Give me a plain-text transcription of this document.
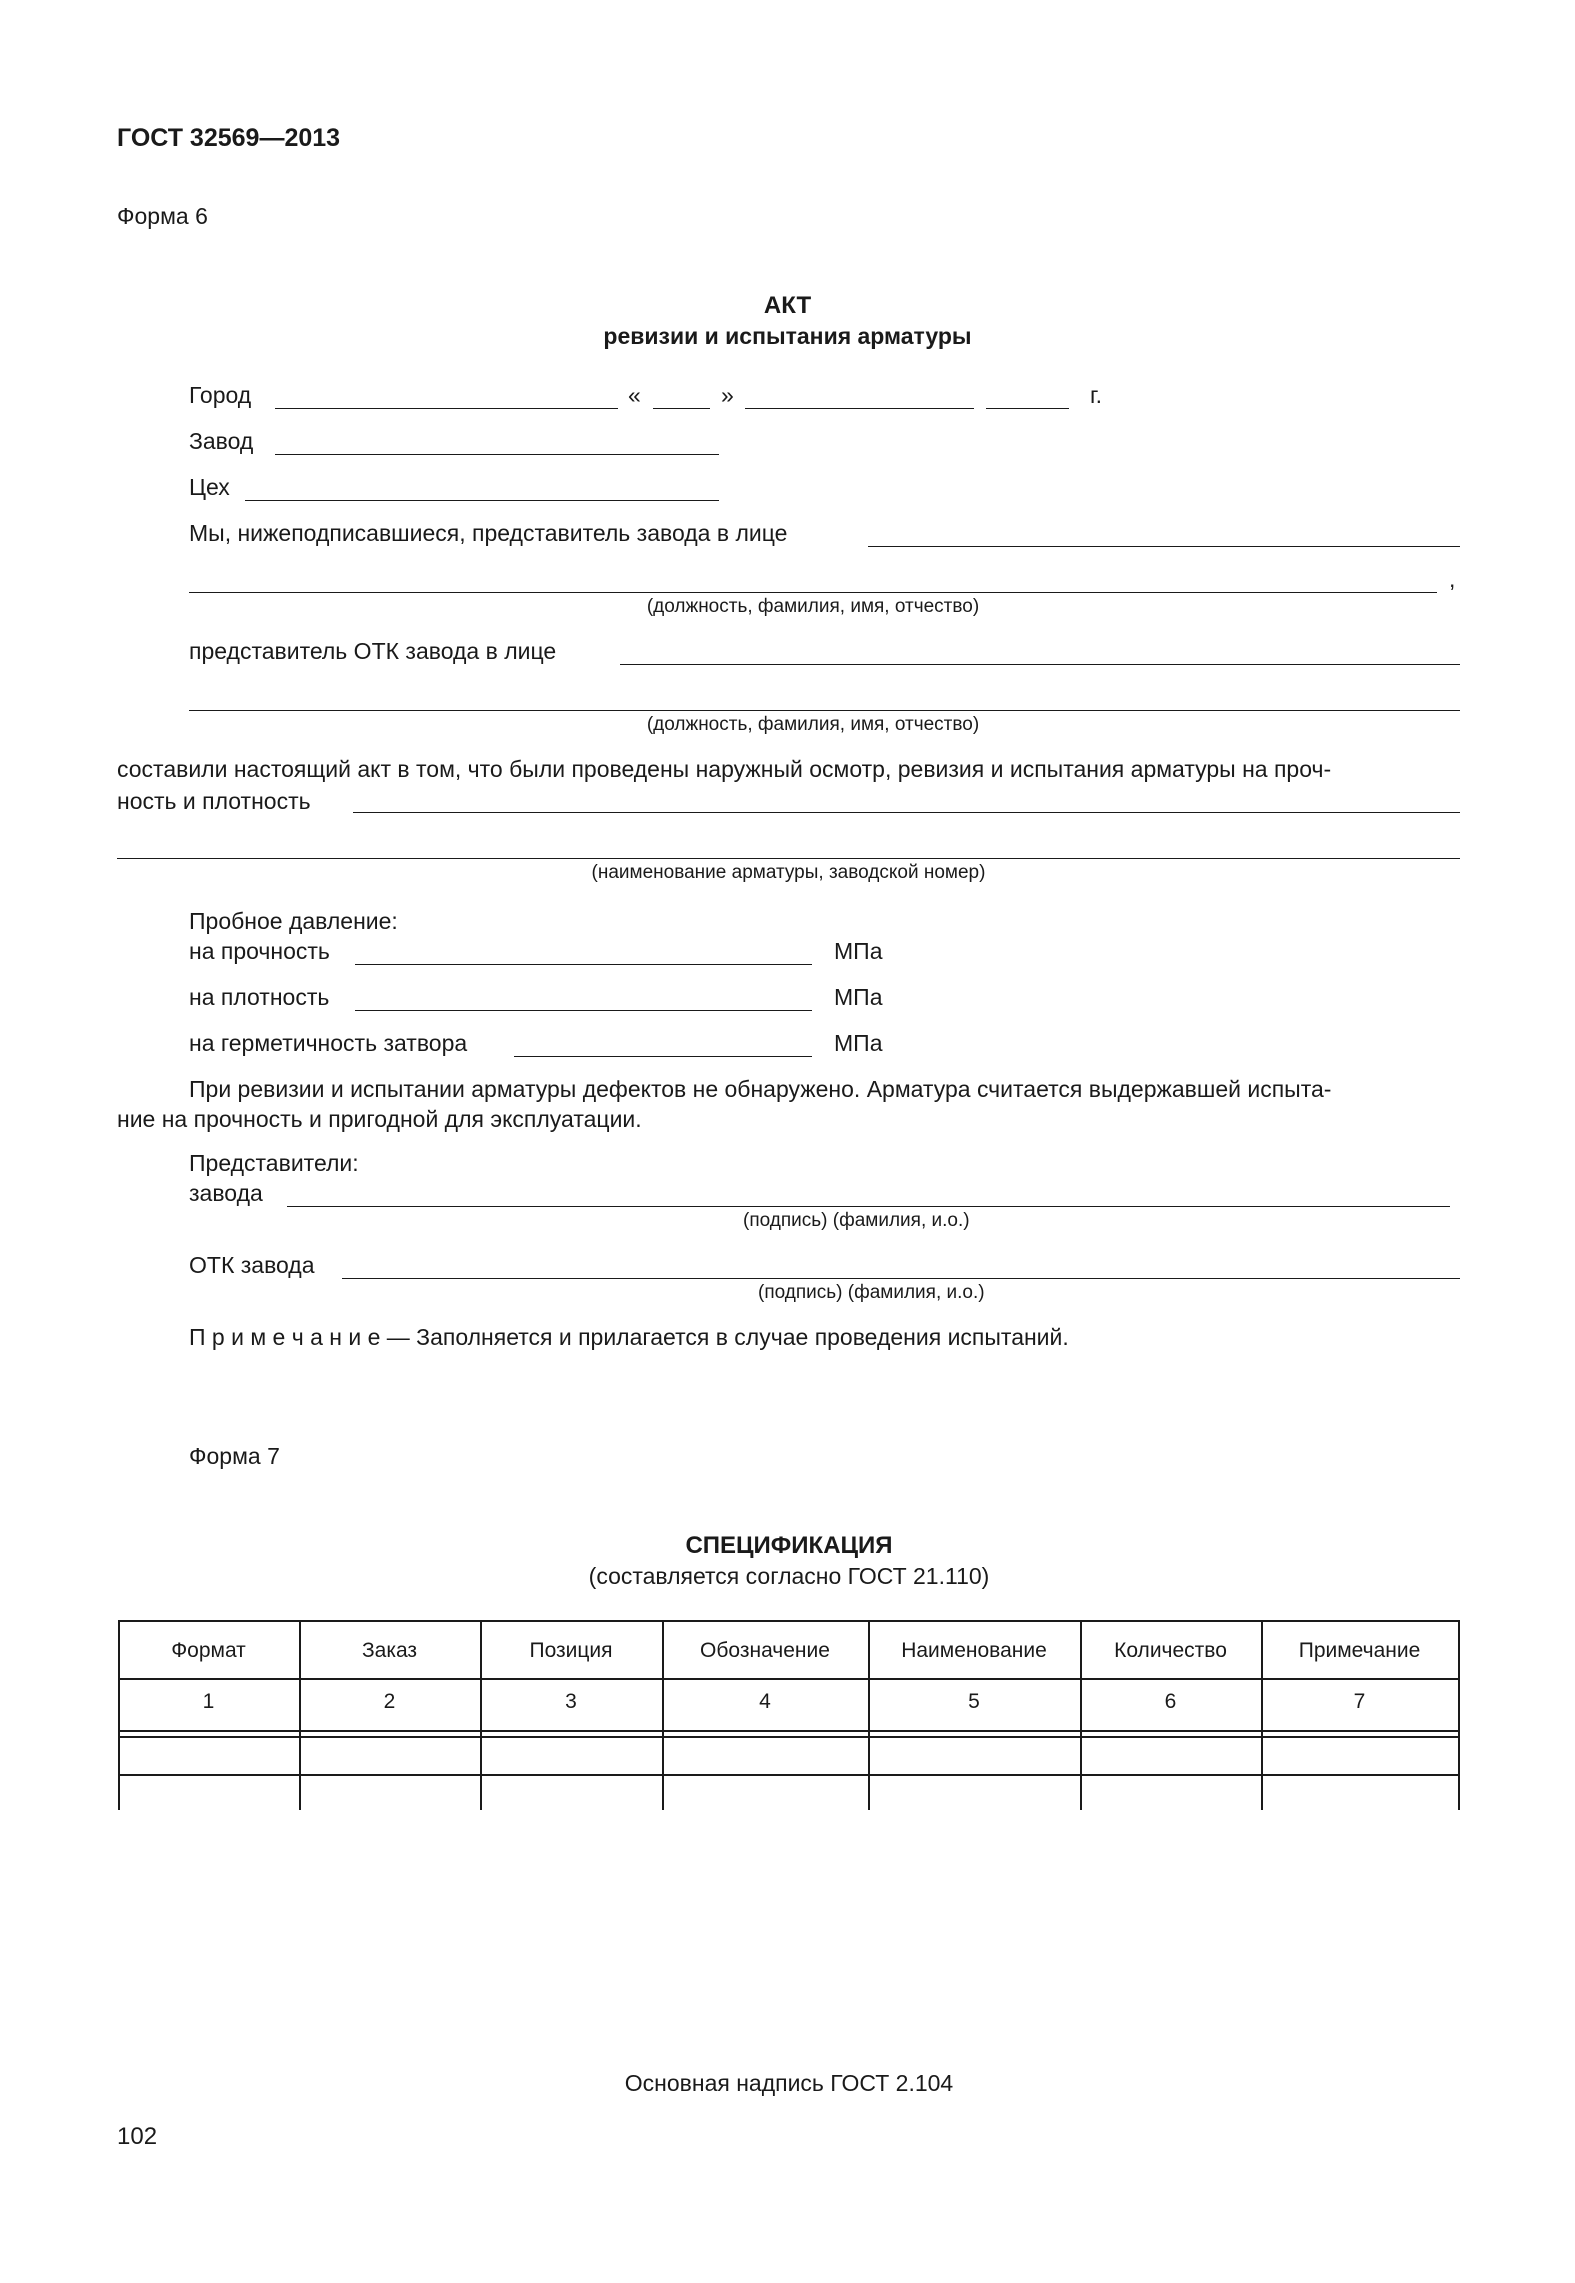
ГОСТ 32569—2013
Форма 6
АКТ
ревизии и испытания арматуры
Город	«	»	г.
Завод
Цех
Мы, нижеподписавшиеся, представитель завода в лице
,
(должность, фамилия, имя, отчество)
представитель ОТК завода в лице
(должность, фамилия, имя, отчество)
составили настоящий акт в том, что были проведены наружный осмотр, ревизия и испытания арматуры на проч-
ность и плотность
(наименование арматуры, заводской номер)
Пробное давление:
на прочность	МПа
на плотность	МПа
на герметичность затвора	МПа
При ревизии и испытании арматуры дефектов не обнаружено. Арматура считается выдержавшей испыта-
ние на прочность и пригодной для эксплуатации.
Представители:
завода
(подпись) (фамилия, и.о.)
ОТК завода
(подпись) (фамилия, и.о.)
П р и м е ч а н и е — Заполняется и прилагается в случае проведения испытаний.
Форма 7
СПЕЦИФИКАЦИЯ
(составляется согласно ГОСТ 21.110)
Формат	Заказ	Позиция	Обозначение	Наименование	Количество	Примечание
1	2	3	4	5	6	7
Основная надпись ГОСТ 2.104
102
